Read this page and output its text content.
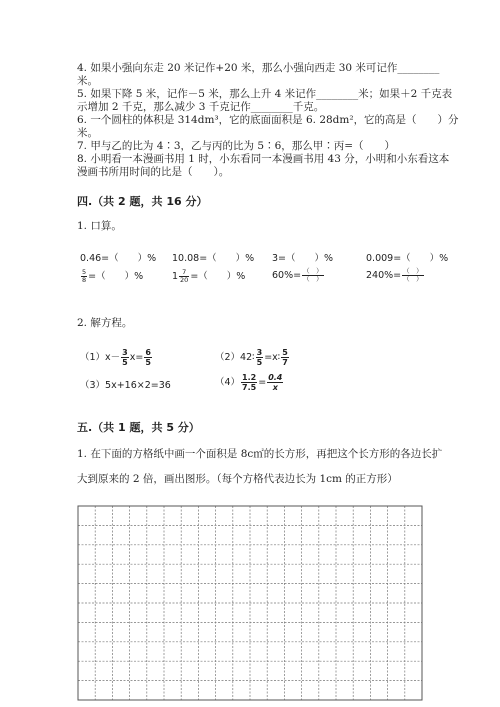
4. 如果小强向东走 20 米记作+20 米，那么小强向西走 30 米可记作________
米。
5. 如果下降 5 米，记作－5 米，那么上升 4 米记作________米；如果＋2 千克表
示增加 2 千克，那么减少 3 千克记作________千克。
6. 一个圆柱的体积是 314dm³，它的底面面积是 6. 28dm²，它的高是（　　）分
米。
7. 甲与乙的比为 4∶3，乙与丙的比为 5∶6，那么甲∶丙=（　　）
8. 小明看一本漫画书用 1 时，小东看同一本漫画书用 43 分，小明和小东看这本
漫画书所用时间的比是（　　）。
四.（共 2 题，共 16 分）
1. 口算。
0.46=（　　）% 10.08=（　　）% 3=（　　）%	0.009=（　　）%
$\frac{5}{8}$ =（　　）%	$1 \frac{7}{20}$ =（　　）%	$60\%= \frac{( )}{( )}$	$240\%= \frac{( )}{( )}$
2. 解方程。
$(1)x- \frac{3}{5} x= \frac{6}{5}$	（2）42∶ $\frac{3}{5}$ =x∶ $\frac{5}{7}$
（3）5x+16×2=36	$(4) \frac{1.2}{7.5} = \frac{0.4}{x}$
五.（共 1 题，共 5 分）
1. 在下面的方格纸中画一个面积是 8c㎡的长方形，再把这个长方形的各边长扩
大到原来的 2 倍，画出图形。（每个方格代表边长为 1cm 的正方形）
